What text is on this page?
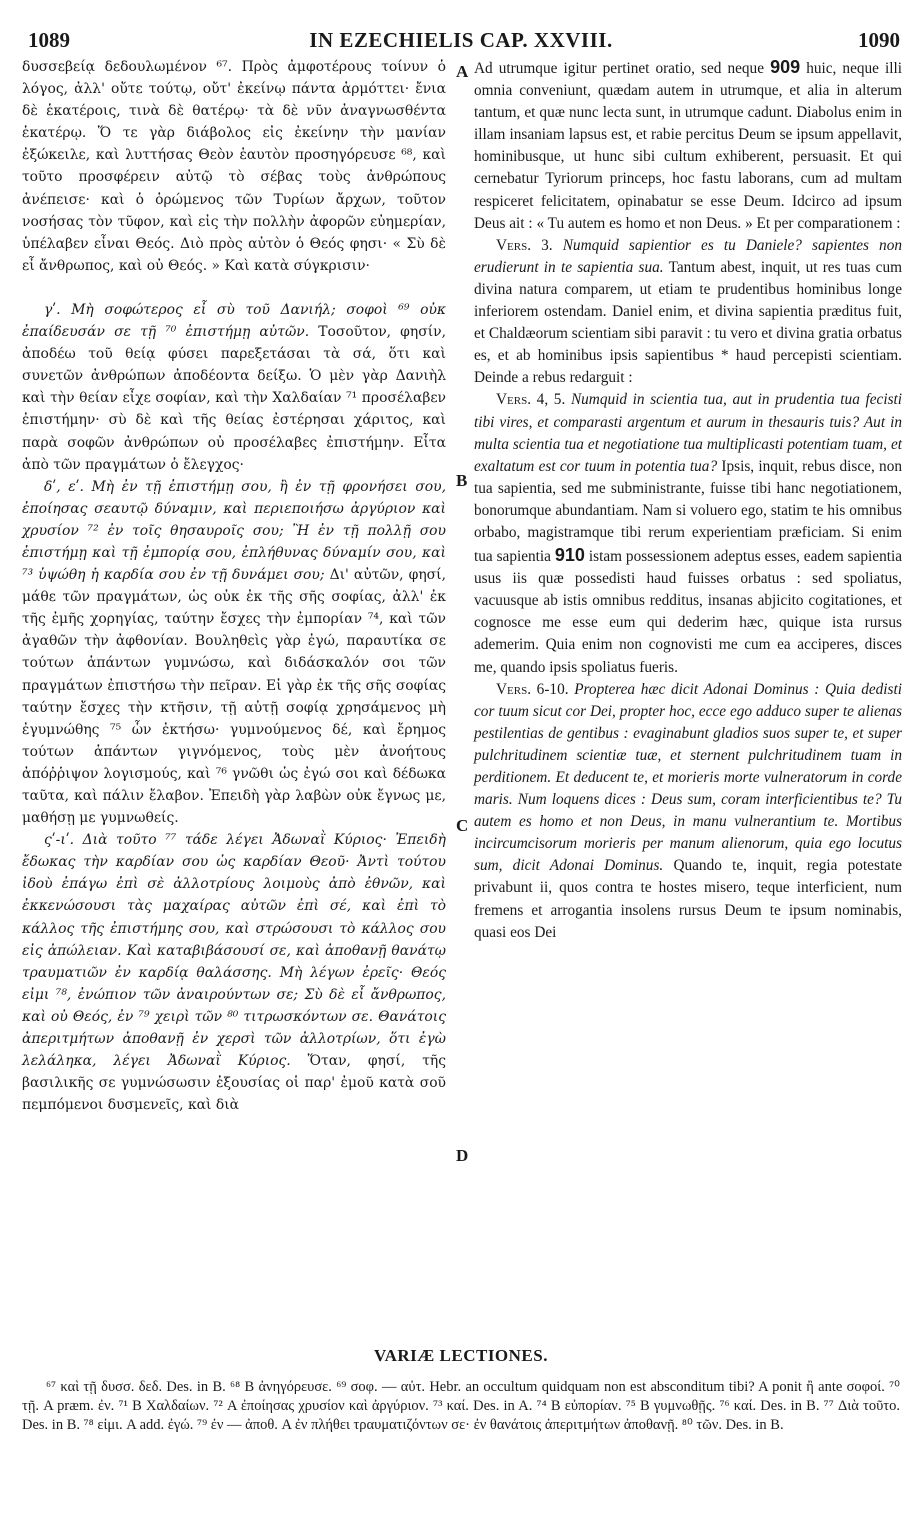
1089	IN EZECHIELIS CAP. XXVIII.	1090

δυσσεβείᾳ δεδουλωμένον ⁶⁷. Πρὸς ἀμφοτέρους τοίνυν ὁ λόγος, ἀλλ' οὔτε τούτῳ, οὔτ' ἐκείνῳ πάντα ἁρμόττει· ἔνια δὲ ἑκατέροις, τινὰ δὲ θατέρῳ· τὰ δὲ νῦν ἀναγνωσθέντα ἑκατέρῳ. Ὅ τε γὰρ διάβολος εἰς ἐκείνην τὴν μανίαν ἐξώκειλε, καὶ λυττήσας Θεὸν ἑαυτὸν προσηγόρευσε ⁶⁸, καὶ τοῦτο προσφέρειν αὐτῷ τὸ σέβας τοὺς ἀνθρώπους ἀνέπεισε· καὶ ὁ ὁρώμενος τῶν Τυρίων ἄρχων, τοῦτον νοσήσας τὸν τῦφον, καὶ εἰς τὴν πολλὴν ἀφορῶν εὐημερίαν, ὑπέλαβεν εἶναι Θεός. Διὸ πρὸς αὐτὸν ὁ Θεός φησι· « Σὺ δὲ εἶ ἄνθρωπος, καὶ οὐ Θεός. » Καὶ κατὰ σύγκρισιν·

γʹ. Μὴ σοφώτερος εἶ σὺ τοῦ Δανιήλ; σοφοὶ ⁶⁹ οὐκ ἐπαίδευσάν σε τῇ ⁷⁰ ἐπιστήμῃ αὐτῶν. Τοσοῦτον, φησίν, ἀποδέω τοῦ θείᾳ φύσει παρεξετάσαι τὰ σά, ὅτι καὶ συνετῶν ἀνθρώπων ἀποδέοντα δείξω. Ὁ μὲν γὰρ Δανιὴλ καὶ τὴν θείαν εἶχε σοφίαν, καὶ τὴν Χαλδαίαν ⁷¹ προσέλαβεν ἐπιστήμην· σὺ δὲ καὶ τῆς θείας ἐστέρησαι χάριτος, καὶ παρὰ σοφῶν ἀνθρώπων οὐ προσέλαβες ἐπιστήμην. Εἶτα ἀπὸ τῶν πραγμάτων ὁ ἔλεγχος·

δʹ, εʹ. Μὴ ἐν τῇ ἐπιστήμῃ σου, ἢ ἐν τῇ φρονήσει σου, ἐποίησας σεαυτῷ δύναμιν, καὶ περιεποιήσω ἀργύριον καὶ χρυσίον ⁷² ἐν τοῖς θησαυροῖς σου; Ἢ ἐν τῇ πολλῇ σου ἐπιστήμῃ καὶ τῇ ἐμπορίᾳ σου, ἐπλήθυνας δύναμίν σου, καὶ ⁷³ ὑψώθη ἡ καρδία σου ἐν τῇ δυνάμει σου; Δι' αὐτῶν, φησί, μάθε τῶν πραγμάτων, ὡς οὐκ ἐκ τῆς σῆς σοφίας, ἀλλ' ἐκ τῆς ἐμῆς χορηγίας, ταύτην ἔσχες τὴν ἐμπορίαν ⁷⁴, καὶ τῶν ἀγαθῶν τὴν ἀφθονίαν. Βουληθεὶς γὰρ ἐγώ, παραυτίκα σε τούτων ἁπάντων γυμνώσω, καὶ διδάσκαλόν σοι τῶν πραγμάτων ἐπιστήσω τὴν πεῖραν. Εἰ γὰρ ἐκ τῆς σῆς σοφίας ταύτην ἔσχες τὴν κτῆσιν, τῇ αὐτῇ σοφίᾳ χρησάμενος μὴ ἐγυμνώθης ⁷⁵ ὧν ἐκτήσω· γυμνούμενος δέ, καὶ ἔρημος τούτων ἁπάντων γιγνόμενος, τοὺς μὲν ἀνοήτους ἀπόῤῥιψον λογισμούς, καὶ ⁷⁶ γνῶθι ὡς ἐγώ σοι καὶ δέδωκα ταῦτα, καὶ πάλιν ἔλαβον. Ἐπειδὴ γὰρ λαβὼν οὐκ ἔγνως με, μαθήσῃ με γυμνωθείς.

ςʹ-ιʹ. Διὰ τοῦτο ⁷⁷ τάδε λέγει Ἀδωναῒ Κύριος· Ἐπειδὴ ἔδωκας τὴν καρδίαν σου ὡς καρδίαν Θεοῦ· Ἀντὶ τούτου ἰδοὺ ἐπάγω ἐπὶ σὲ ἀλλοτρίους λοιμοὺς ἀπὸ ἐθνῶν, καὶ ἐκκενώσουσι τὰς μαχαίρας αὐτῶν ἐπὶ σέ, καὶ ἐπὶ τὸ κάλλος τῆς ἐπιστήμης σου, καὶ στρώσουσι τὸ κάλλος σου εἰς ἀπώλειαν. Καὶ καταβιβάσουσί σε, καὶ ἀποθανῇ θανάτῳ τραυματιῶν ἐν καρδίᾳ θαλάσσης. Μὴ λέγων ἐρεῖς· Θεός εἰμι ⁷⁸, ἐνώπιον τῶν ἀναιρούντων σε; Σὺ δὲ εἶ ἄνθρωπος, καὶ οὐ Θεός, ἐν ⁷⁹ χειρὶ τῶν ⁸⁰ τιτρωσκόντων σε. Θανάτοις ἀπεριτμήτων ἀποθανῇ ἐν χερσὶ τῶν ἀλλοτρίων, ὅτι ἐγὼ λελάληκα, λέγει Ἀδωναῒ Κύριος. Ὅταν, φησί, τῆς βασιλικῆς σε γυμνώσωσιν ἐξουσίας οἱ παρ' ἐμοῦ κατὰ σοῦ πεμπόμενοι δυσμενεῖς, καὶ διὰ

A
B
C
D

Ad utrumque igitur pertinet oratio, sed neque 909 huic, neque illi omnia conveniunt, quædam autem in utrumque, et alia in alterum tantum, et quæ nunc lecta sunt, in utrumque cadunt. Diabolus enim in illam insaniam lapsus est, et rabie percitus Deum se ipsum appellavit, hominibusque, ut hunc sibi cultum exhiberent, persuasit. Et qui cernebatur Tyriorum princeps, hoc fastu laborans, cum ad multam respiceret felicitatem, opinabatur se esse Deum. Idcirco ad ipsum Deus ait : « Tu autem es homo et non Deus. » Et per comparationem :

Vers. 3. Numquid sapientior es tu Daniele? sapientes non erudierunt in te sapientia sua. Tantum abest, inquit, ut res tuas cum divina natura comparem, ut etiam te prudentibus hominibus longe inferiorem ostendam. Daniel enim, et divina sapientia præditus fuit, et Chaldæorum scientiam sibi paravit : tu vero et divina gratia orbatus es, et ab hominibus ipsis sapientibus * haud percepisti scientiam. Deinde a rebus redarguit :

Vers. 4, 5. Numquid in scientia tua, aut in prudentia tua fecisti tibi vires, et comparasti argentum et aurum in thesauris tuis? Aut in multa scientia tua et negotiatione tua multiplicasti potentiam tuam, et exaltatum est cor tuum in potentia tua? Ipsis, inquit, rebus disce, non tua sapientia, sed me subministrante, fuisse tibi hanc negotiationem, bonorumque abundantiam. Nam si voluero ego, statim te his omnibus orbabo, magistramque tibi rerum experientiam præficiam. Si enim tua sapientia 910 istam possessionem adeptus esses, eadem sapientia usus iis quæ possedisti haud fuisses orbatus : sed spoliatus, vacuusque ab istis omnibus redditus, insanas abjicito cogitationes, et cognosce me esse eum qui dederim hæc, quique ista rursus ademerim. Quia enim non cognovisti me cum ea acciperes, disces me, quando ipsis spoliatus fueris.

Vers. 6-10. Propterea hæc dicit Adonai Dominus : Quia dedisti cor tuum sicut cor Dei, propter hoc, ecce ego adduco super te alienas pestilentias de gentibus : evaginabunt gladios suos super te, et super pulchritudinem scientiæ tuæ, et sternent pulchritudinem tuam in perditionem. Et deducent te, et morieris morte vulneratorum in corde maris. Num loquens dices : Deus sum, coram interficientibus te? Tu autem es homo et non Deus, in manu vulnerantium te. Mortibus incircumcisorum morieris per manum alienorum, quia ego locutus sum, dicit Adonai Dominus. Quando te, inquit, regia potestate privabunt ii, quos contra te hostes misero, teque interficient, num fremens et arrogantia insolens rursus Deum te ipsum nominabis, quasi eos Dei

VARIÆ LECTIONES.
⁶⁷ καὶ τῇ δυσσ. δεδ. Des. in B. ⁶⁸ B ἀνηγόρευσε. ⁶⁹ σοφ. — αὐτ. Hebr. an occultum quidquam non est absconditum tibi? A ponit ἢ ante σοφοί. ⁷⁰ τῇ. A præm. ἐν. ⁷¹ B Χαλδαίων. ⁷² A ἐποίησας χρυσίον καὶ ἀργύριον. ⁷³ καί. Des. in A. ⁷⁴ B εὐπορίαν. ⁷⁵ B γυμνωθῇς. ⁷⁶ καί. Des. in B. ⁷⁷ Διὰ τοῦτο. Des. in B. ⁷⁸ εἰμι. A add. ἐγώ. ⁷⁹ ἐν — ἀποθ. A ἐν πλήθει τραυματιζόντων σε· ἐν θανάτοις ἀπεριτμήτων ἀποθανῇ. ⁸⁰ τῶν. Des. in B.
